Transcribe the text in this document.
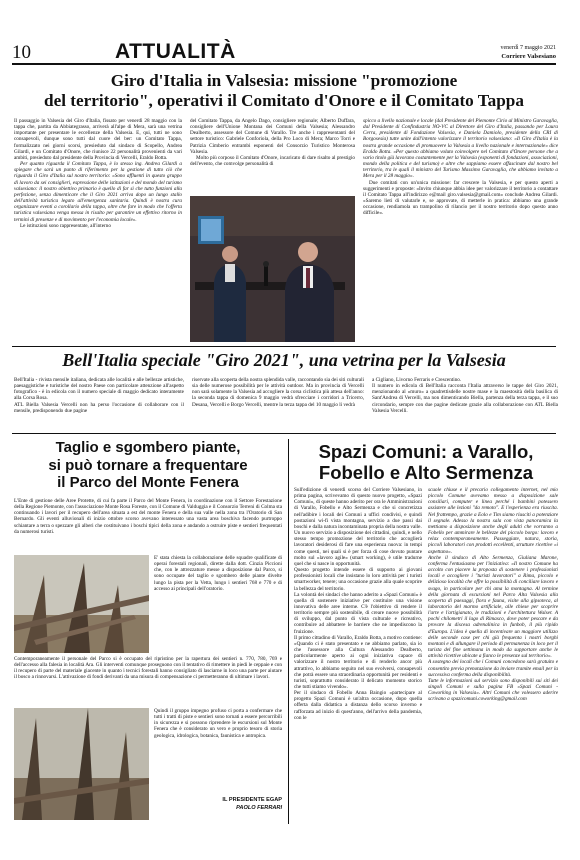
10	ATTUALITÀ	venerdì 7 maggio 2021
Corriere Valsesiano
Giro d'Italia in Valsesia: missione "promozione
del territorio", operativi il Comitato d'Onore e il Comitato Tappa

Il passaggio in Valsesia del Giro d'Italia, fissato per venerdì 28 maggio con la tappa che, partita da Abbiategrasso, arriverà all'alpe di Mera, sarà una vetrina importante per presentare le eccellenze della Valsesia. E, qui, tutti ne sono consapevoli, dunque sono tutti dal cuore del ber: un Comitato Tappa, formalizzato nei giorni scorsi, presieduto dal sindaco di Scopello, Andrea Gilardi, e un Comitato d'Onore, che riunisce 22 personalità provenienti da vari ambiti, presieduto dal presidente della Provincia di Vercelli, Eraldo Botta.

Per quanto riguarda il Comitato Tappa, è lo stesso ing. Andrea Gilardi a spiegare che sarà un punto di riferimento per la gestione di tutto ciò che riguarda il Giro d'Italia sul nostro territorio: «Sono affluenti in questo gruppo di lavoro da sei consiglieri, espressione delle istituzioni e del mondo del turismo valsesiano: il nostro obiettivo primario è quello di far sì che tutto funzioni alla perfezione, senza dimenticare che il Giro 2021 arriva dopo un lungo stallo dell'attività turistica legato all'emergenza sanitaria. Quindi è nostra cura organizzare eventi a corollario della tappa, oltre che fare in modo che l'offerta turistica valsesiana venga messa in risalto per garantire un effettivo ritorno in termini di presenze e di movimento per l'economia locale».

Le istituzioni sono rappresentate, all'interno

del Comitato Tappa, da Angelo Dago, consigliere regionale; Alberto Duffara, consigliere dell'Unione Montana dei Comuni della Valsesia; Alessandro Dealberto, assessore del Comune di Varallo. Tre anche i rappresentanti del settore turistico: Gabriele Conforiola, della Pro Loco di Mera; Marco Torri e Patrizia Cimberio entrambi esponenti del Consorzio Turistico Monterosa Valsesia.

Molto più corposo il Comitato d'Onore, incaricato di dare risalto al prestigio dell'evento, che comvolge personalità di

spicco a livello nazionale e locale (dal Presidente del Piemonte Cirio al Ministro Garavaglia, dal Presidente di Confindustria NO-VC al Direttore del Giro d'Italia, passando per Laura Cerra, presidente di Fondazione Valsesia, e Daniela Damiolo, presidente della CRI di Borgosesia) tutte unite dall'intento valorizzare il territorio valsesiano: «Il Giro d'Italia è la nostra grande occasione di promuovere la Valsesia a livello nazionale e internazionale» dice Eraldo Botta. «Per questo abbiamo voluto coinvolgere nel Comitato d'Onore persone che a vario titolo già lavorano costantemente per la Valsesia (esponenti di fondazioni, associazioni, mondo della politica e del turismo) e altre che sappiamo essere affascinate dal nostro bel territorio, tra le quali il ministro del Turismo Massimo Garavaglia, che abbiamo invitato a Mera per il 28 maggio».

Due comitati con un'unica missione: far crescere la Valsesia, e per questo aperti a suggerimenti e proposte: «Invito chiunque abbia idee per valorizzare il territorio a contattare il Comitato Tappa all'indirizzo e@mail giro.valsesia@gmail.com» conclude Andrea Gilardi. «Saremo lieti di valutarle e, se approvate, di metterle in pratica: abbiamo una grande occasione, rendiamola un trampolino di rilancio per il nostro territorio dopo questo anno difficile».

Bell'Italia speciale "Giro 2021", una vetrina per la Valsesia
Bell'Italia - rivista mensile italiana, dedicata alle località e alle bellezze artistiche, paesaggistiche e turistiche del nostro Paese con particolare attenzione all'aspetto fotografico - è in edicola con il numero speciale di maggio dedicato interamente alla Corsa Rosa.
ATL Biella Valsesia Vercelli non ha perso l'occasione di collaborare con il mensile, predisponendo due pagine
riservate alla scoperta della nostra splendida valle, raccontando sia dei siti culturali sia delle numerose possibilità per le attività outdoor. Ma in provincia di Vercelli non sarà solamente la Valsesia ad accogliere la corsa ciclistica più attesa dell'anno: la seconda tappa di domenica 9 maggio vedrà sfrecciare i corridori a Tricerro, Desana, Vercelli e Borgo Vercelli, mentre la terza tappa del 10 maggio li vedrà
a Cigliano, Livorno Ferraris e Crescentino.
Il numero in edicola di Bell'Italia racconta l'Italia attraverso le tappe del Giro 2021, menzionando al «muro» a quadrettisdelle nostre mase e la maestosità della basilica di Sant'Andrea di Vercelli, ma non dimenticando Biella, partenza della terza tappa, e il suo circondario, sempre con due pagine dedicate grazie alla collaborazione con ATL Biella Valsesia Vercelli.
Taglio e sgombero piante,
si può tornare a frequentare
il Parco del Monte Fenera
L'Ente di gestione delle Aree Protette, di cui fa parte il Parco del Monte Fenera, in coordinazione con il Settore Forestazione della Regione Piemonte, con l'associazione Monte Rosa Foreste, con il Comune di Valduggia e il Consorzio Terreni di Colma sta continuando i lavori per il recupero dell'area situata a est del monte Fenera e della sua valle nella zona tra l'Oratorio di San Bernardo. Gli eventi alluvionali di inizio ottobre scorso avevano interessato una vasta area boschiva facendo purtroppo schiantare a terra o spezzare gli alberi che costituivano i boschi tipici della zona e andando a ostruire piste e sentieri frequentati da numerosi turisti.
E' stata chiesta la collaborazione delle squadre qualificate di operai forestali regionali, dirette dalla dott. Cinzia Piccioni che, con le attrezzature messe a disposizione dal Parco, si sono occupate del taglio e sgombero delle piante divelte lungo la pista per la Vetta, lungo i sentieri 768 e 770 e di accesso ai principali dell'oratorio.
Contemporaneamente il personale del Parco si è occupato del ripristino per la rapertura dei sentieri n. 770, 780, 769 e dell'accesso alla falesia in località Ara. Gli interventi comunque proseguono con il tentativo di rimettere in piedi le ceppaie e con il recupero di parte del materiale giacente in quanto i tecnici forestali hanno consigliato di lasciarne in loco una parte per aiutare il bosco a rinnovarsi. L'attivazione di fondi derivanti da una misura di compensazione ci permetteranno di ultimare i lavori.
Quindi il gruppo impegno profuso ci porta a confermare che tutti i tratti di piste e sentieri sono tornati a essere percorribili in sicurezza e si possono riprendere le escursioni sul Monte Fenera che è considerato un vero e proprio tesoro di storia geologica, idrologica, botanica, faunistica e antropica.
IL PRESIDENTE EGAP
PAOLO FERRARI
Spazi Comuni: a Varallo,
Fobello e Alto Sermenza
Sull'edizione di venerdì scorso del Corriere Valsesiano, in prima pagina, scrivevamo di questo nuovo progetto, «Spazi Comuni», di queste hanno aderito per ora le Amministrazioni di Varallo, Fobello e Alto Sermenza e che si concretizza nell'adibire i locali dei Comuni a uffici condivisi, e quindi postazioni wi-fi vista montagna, servizio a due passi dai boschi e dalla natura incontaminata propria della nostra valle.
Un nuovo servizio a disposizione dei cittadini, quindi, e nello stesso tempo promozione del territorio che accoglierà lavoratori desiderosi di fare una esperienza nuova: in tempi come questi, nei quali si è per forza di cose dovuto puntare molto sul «lavoro agile» (smart working), è utile tradurne quel che si nasce in opportunità.
Questo progetto intende essere di supporto ai giovani professionisti locali che insistano lo loro attività per i turisti smartworker, tenere; una occasione grazie alla quale scoprire la bellezza del territorio.
La volontà dei sindaci che hanno aderito a «Spazi Comuni» è quella di sostenere iniziative per costituire una visione innovativa delle aree interne. C'è l'obiettivo di rendere il territorio sempre più sostenibile, di creare nuove possibilità di sviluppo, dal punto di vista culturale e ricreativo, contribuire ad abbattere le barriere che ne impediscono la fruizione.
Il primo cittadino di Varallo, Eraldo Botta, a motivo contiene: «Quando ci è stato presentato e ne abbiamo parlato, sia io che l'assessore alla Cultura Alessandro Dealberto, particolarmente aperto ai ogni iniziativa capace di valorizzare il nostro territorio e di renderlo ancor più attrattivo, lo abbiamo seguito nel suo evolversi, consapevoli che potrà essere una straordinaria opportunità per residenti e turisti, soprattutto considerato il delicato momento storico che tutti stiamo vivendo».
Per il sindaco di Fobello Anna Baingio «partecipare al progetto Spazi Comuni è un'altra occasione, dopo quella offerta dalla didattica a distanza dello scorso inverno e rafforzata ad inizio di quest'anno, dell'arrivo della pandemia, con le
scuole chiuse e il precario collegamento internet, nel mio piccolo Comune avevamo messo a disposizione sale consiliari, computer e linea perché i bambini potessero assistere alle lezioni "da remoto". E l'esperienza era riuscita. Nel frattempo, grazie a Eolo e Tim siamo riusciti a potenziare il segnale. Adesso la nostra sala con vista panoramica la mettiamo a disposizione anche degli adulti che vorranno a Fobello per ammirare le bellezze del piccolo borgo: lavoro e relax contemporaneamente. Passeggiate, natura, storia, piccoli laboratori con prodotti eccellenti, strutture ricettive «i aspettano».
Anche il sindaco di Alto Sermenza, Giuliana Marone, conferma l'entusiasmo per l'iniziativa: «Il nostro Comune ha accolto con piacere la proposta di sostenere i professionisti locali e accogliere i "turisti lavoratori" a Rima, piccolo e delizioso località che offre la possibilità di conciliare lavoro e svago, in particolare per chi ama la montagna. Al termine della giornata di escursioni nel Parco Alta Valsesia alla scoperta di paesaggi, flora e fauna, visite alla gipsoteca, al laboratorio del marmo artificiale, alle chiese per scoprire l'arte e l'artigianato, le tradizioni e l'architettura Walser. A pochi chilometri il lago di Rimasco, dove poter pescare e da provare la discesa adrenalinica in funbob, il più ripido d'Europa. L'idea è quella di incentivare un maggiore utilizzo delle seconde case per chi già frequenta i nostri borghi montani e di allungare il periodo di permanenza in loco per il turista del fine settimana in modo da supportare anche le attività ricettive ubicate a fianco le presenze sul territorio».
A sostegno dei locali che i Comuni concedono sarà gratuito e consentito previa prenotazione da inviare tramite email per la successiva conferma della disponibilità.
Tutte le informazioni sul servizio sono disponibili sui siti dei singoli Comuni e sulla pagina FB «Spazi Comuni - Coworking in Valsesia». Altri Comuni che volessero aderire scrivano a spazicomuni.coworking@gmail.com
